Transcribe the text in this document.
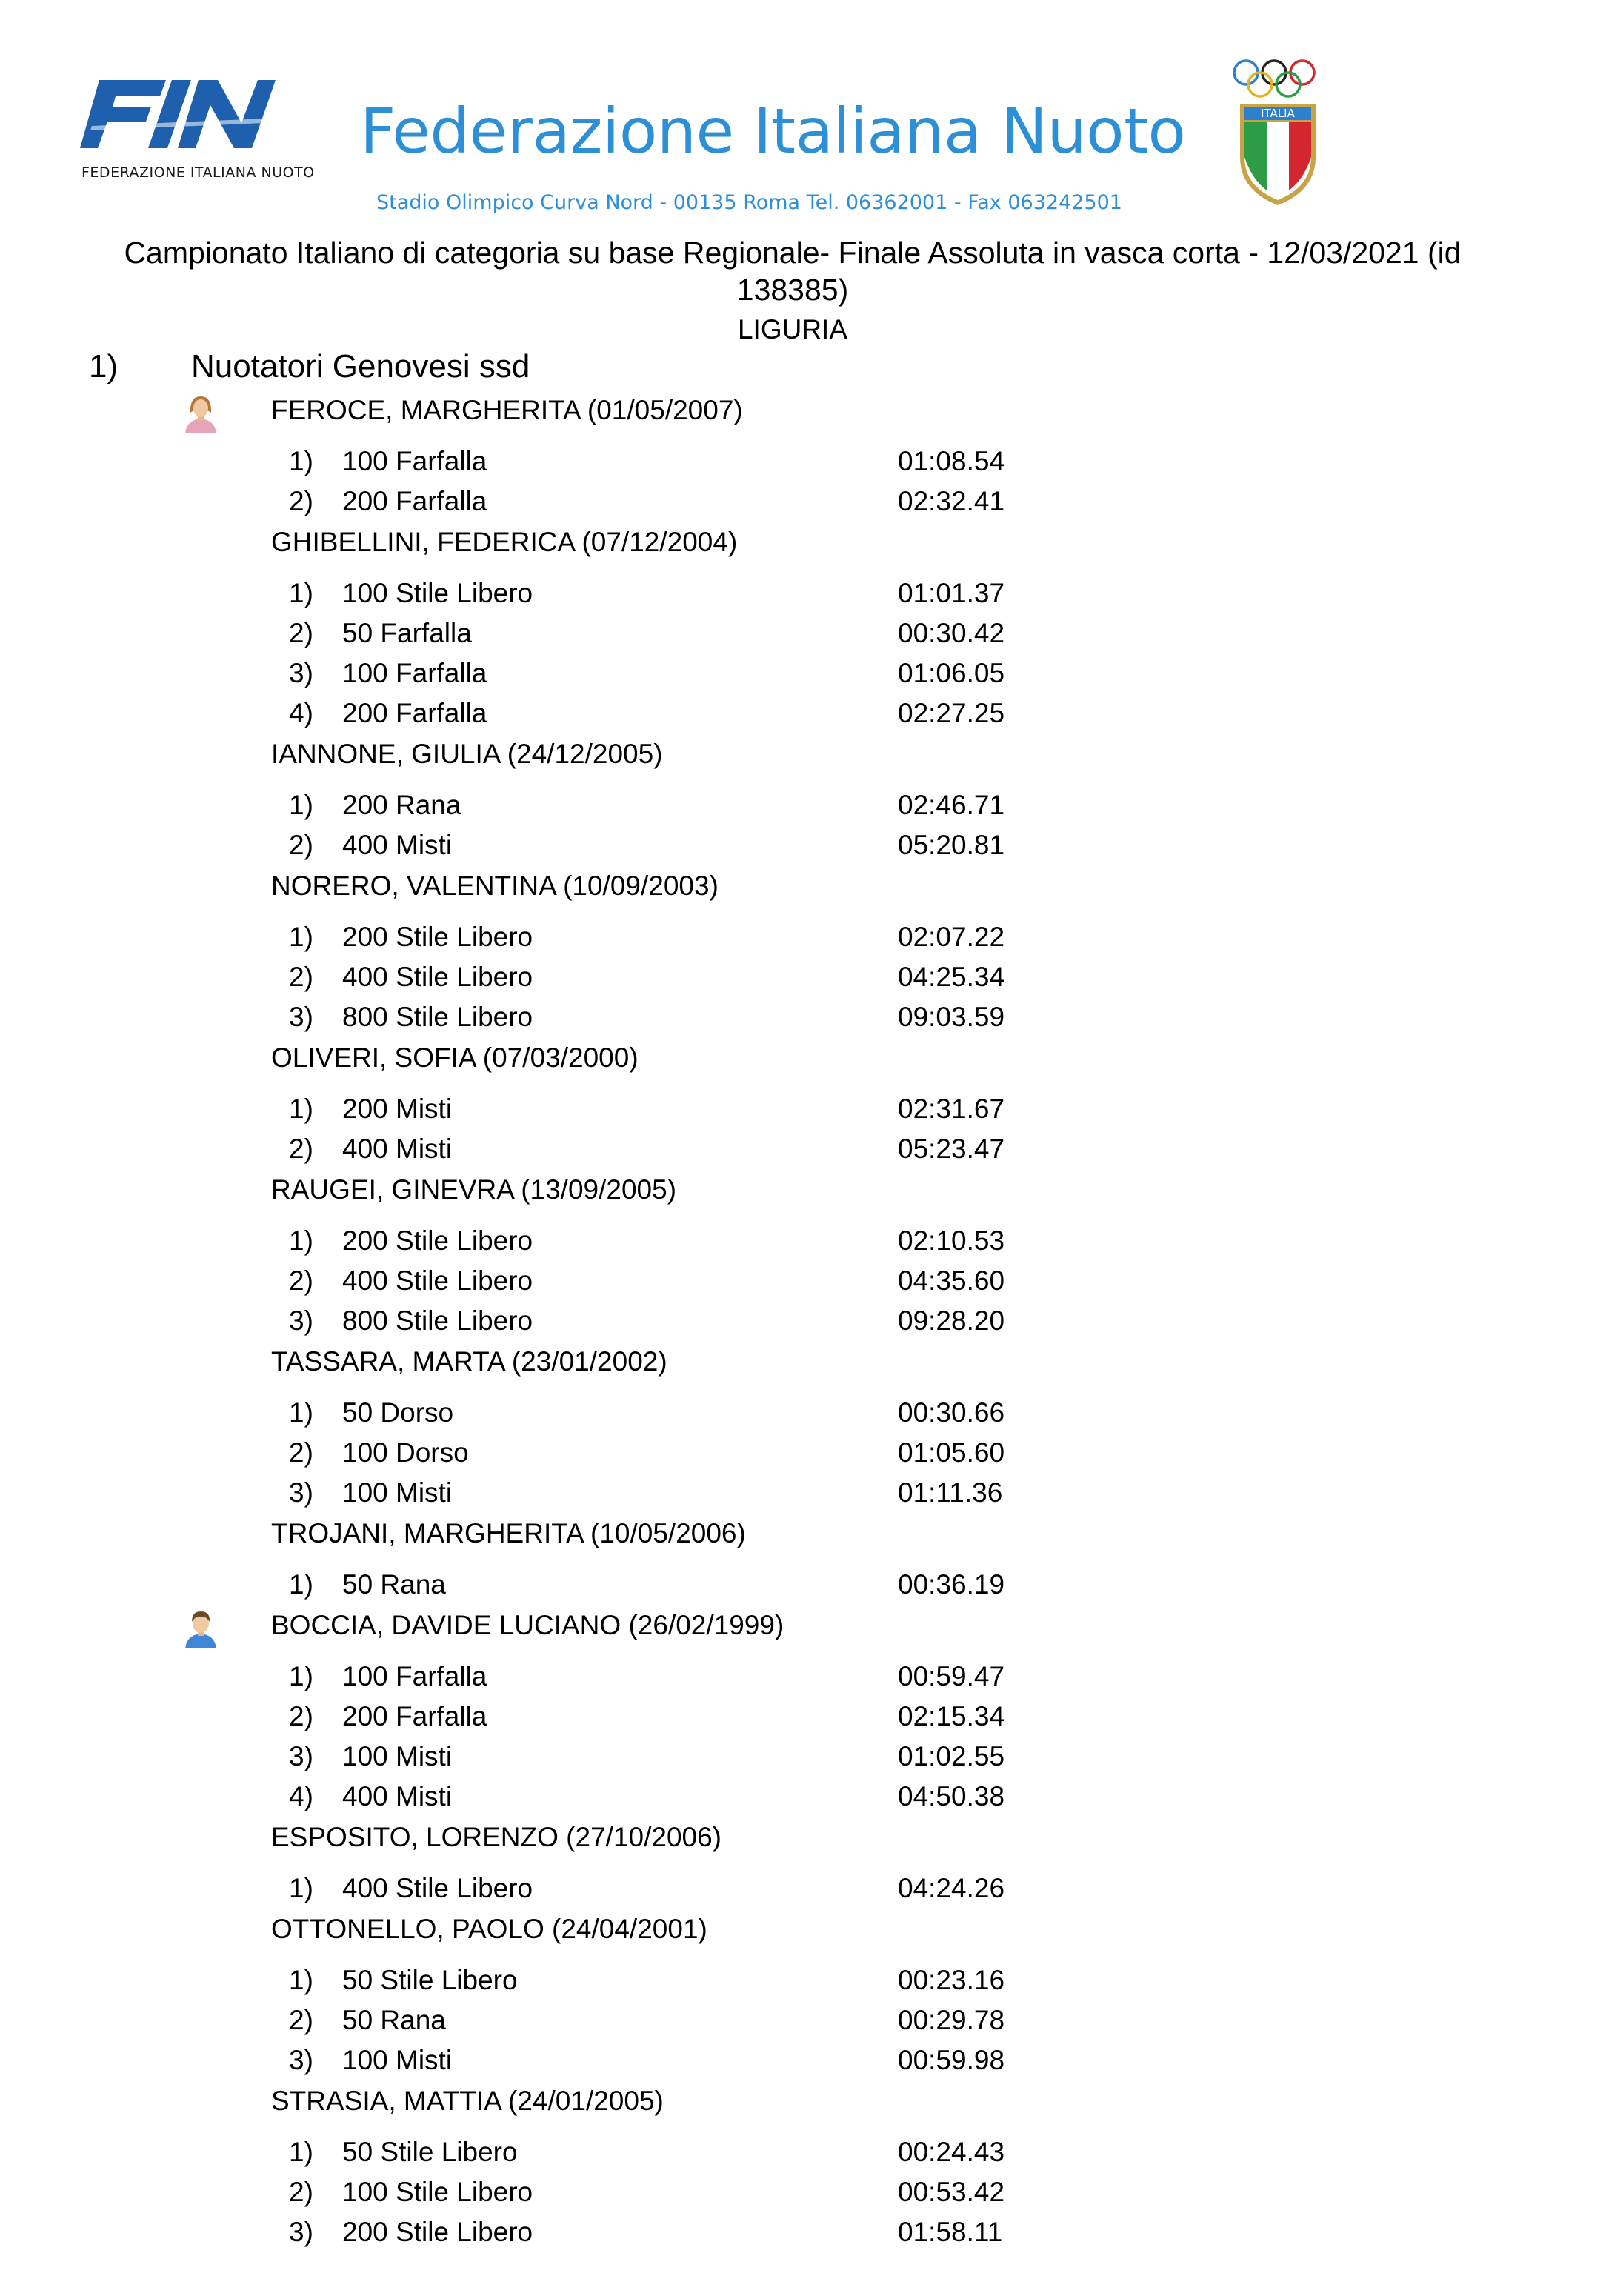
FEDERAZIONE ITALIANA NUOTO
Federazione Italiana Nuoto
Stadio Olimpico Curva Nord - 00135 Roma Tel. 06362001 - Fax 063242501
ITALIA
Campionato Italiano di categoria su base Regionale- Finale Assoluta in vasca corta - 12/03/2021 (id
138385)
LIGURIA
1) Nuotatori Genovesi ssd
FEROCE, MARGHERITA (01/05/2007)
1) 100 Farfalla	01:08.54
2) 200 Farfalla	02:32.41
GHIBELLINI, FEDERICA (07/12/2004)
1) 100 Stile Libero	01:01.37
2) 50 Farfalla	00:30.42
3) 100 Farfalla	01:06.05
4) 200 Farfalla	02:27.25
IANNONE, GIULIA (24/12/2005)
1) 200 Rana	02:46.71
2) 400 Misti	05:20.81
NORERO, VALENTINA (10/09/2003)
1) 200 Stile Libero	02:07.22
2) 400 Stile Libero	04:25.34
3) 800 Stile Libero	09:03.59
OLIVERI, SOFIA (07/03/2000)
1) 200 Misti	02:31.67
2) 400 Misti	05:23.47
RAUGEI, GINEVRA (13/09/2005)
1) 200 Stile Libero	02:10.53
2) 400 Stile Libero	04:35.60
3) 800 Stile Libero	09:28.20
TASSARA, MARTA (23/01/2002)
1) 50 Dorso	00:30.66
2) 100 Dorso	01:05.60
3) 100 Misti	01:11.36
TROJANI, MARGHERITA (10/05/2006)
1) 50 Rana	00:36.19
BOCCIA, DAVIDE LUCIANO (26/02/1999)
1) 100 Farfalla	00:59.47
2) 200 Farfalla	02:15.34
3) 100 Misti	01:02.55
4) 400 Misti	04:50.38
ESPOSITO, LORENZO (27/10/2006)
1) 400 Stile Libero	04:24.26
OTTONELLO, PAOLO (24/04/2001)
1) 50 Stile Libero	00:23.16
2) 50 Rana	00:29.78
3) 100 Misti	00:59.98
STRASIA, MATTIA (24/01/2005)
1) 50 Stile Libero	00:24.43
2) 100 Stile Libero	00:53.42
3) 200 Stile Libero	01:58.11
